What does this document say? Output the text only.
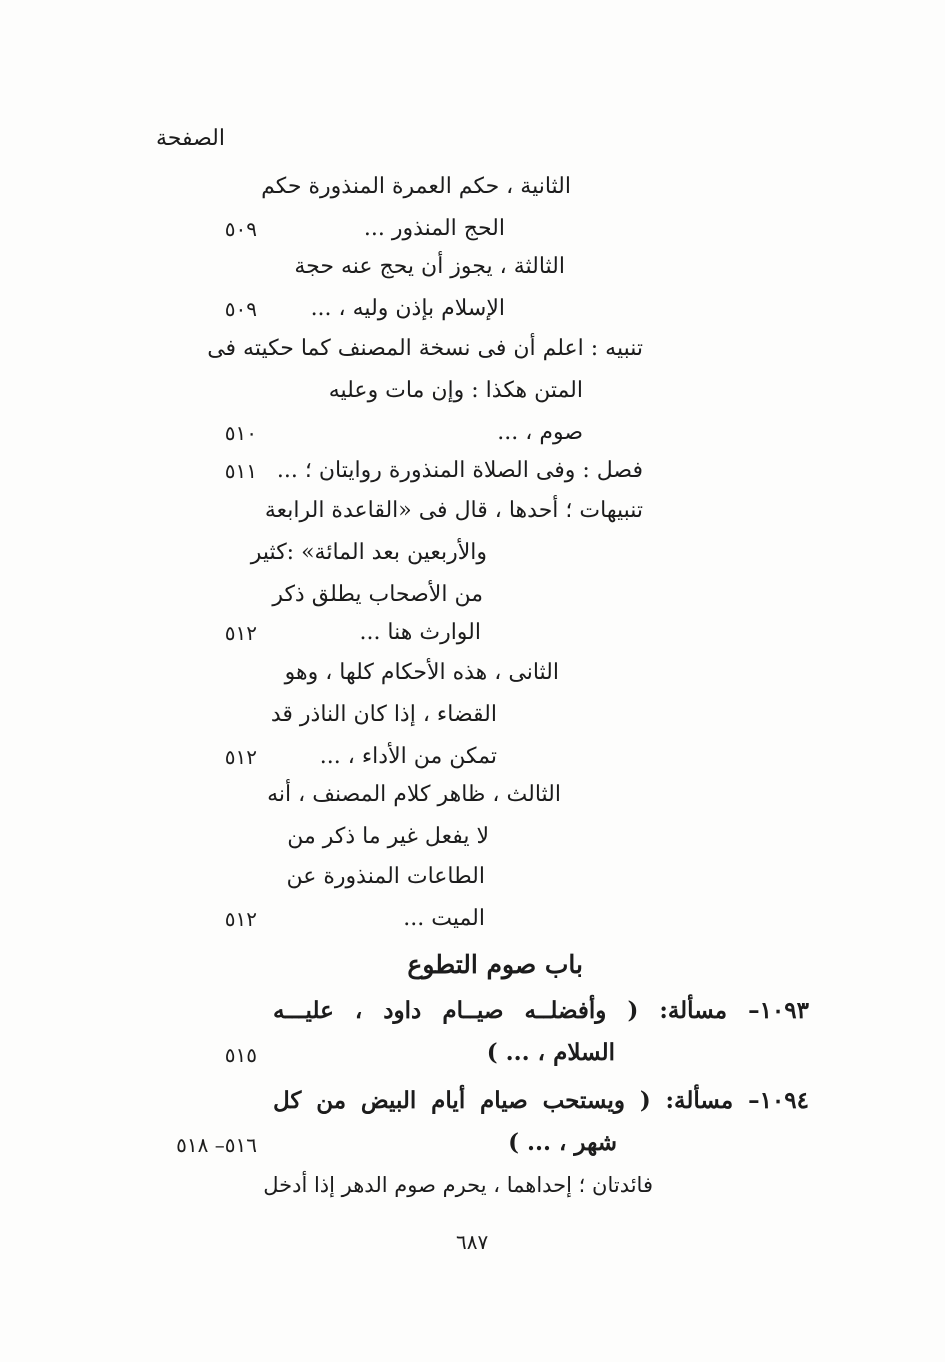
الصفحة
الثانية ، حكم العمرة المنذورة حكم
الحج المنذور ...
٥٠٩
الثالثة ، يجوز أن يحج عنه حجة
الإسلام بإذن وليه ، ...
٥٠٩
تنبيه : اعلم أن فى نسخة المصنف كما حكيته فى
المتن هكذا : وإن مات وعليه
صوم ، ...
٥١٠
فصل : وفى الصلاة المنذورة روايتان ؛ ...
٥١١
تنبيهات ؛ أحدها ، قال فى «القاعدة الرابعة
والأربعين بعد المائة» :كثير
من الأصحاب يطلق ذكر
الوارث هنا ...
٥١٢
الثانى ، هذه الأحكام كلها ، وهو
القضاء ، إذا كان الناذر قد
تمكن من الأداء ، ...
٥١٢
الثالث ، ظاهر كلام المصنف ، أنه
لا يفعل غير ما ذكر من
الطاعات المنذورة عن
الميت ...
٥١٢
باب صوم التطوع
١٠٩٣– مسألة: ( وأفضلــه صيــام داود ، عليـــه
السلام ، ... )
٥١٥
١٠٩٤– مسألة: ( ويستحب صيام أيام البيض من كل
شهر ، ... )
٥١٦– ٥١٨
فائدتان ؛ إحداهما ، يحرم صوم الدهر إذا أدخل
٦٨٧
